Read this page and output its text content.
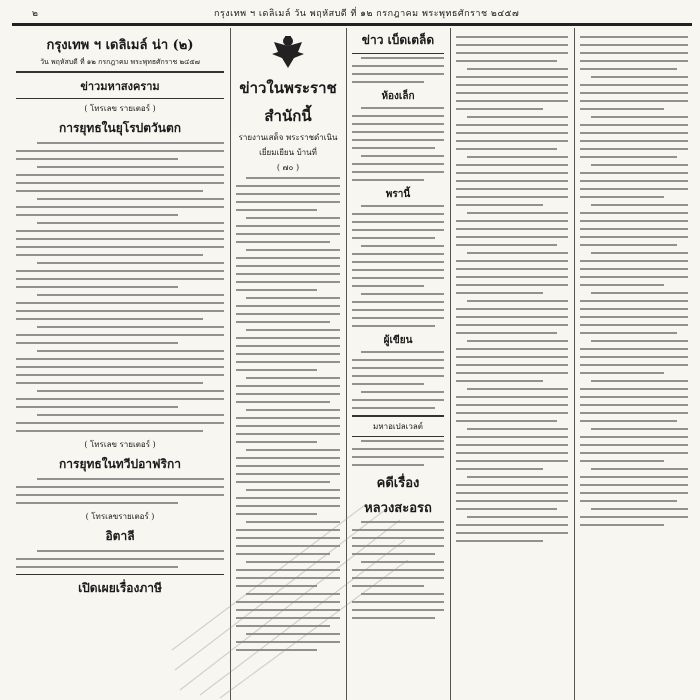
๒	กรุงเทพ ฯ เดลิเมล์ วัน พฤหัสบดี ที่ ๑๒ กรกฎาคม พระพุทธศักราช ๒๔๕๗
กรุงเทพ ฯ เดลิเมล์ น่า (๒)
วัน พฤหัสบดี ที่ ๑๒ กรกฎาคม พระพุทธศักราช ๒๔๕๗
ข่าวมหาสงคราม
( โทรเลข รายเตอร์ )
การยุทธในยุโรปตวันตก
( โทรเลข รายเตอร์ )
การยุทธในทวีปอาฟริกา
( โทรเลขรายเตอร์ )
อิตาลี
เปิดเผยเรื่องภาษี
ข่าวในพระราช
สำนักนี้
รายงานเสด็จ พระราชดำเนิน
เยี่ยมเยียน บ้านที่
( ๗๐ )
ข่าว เบ็ดเตล็ด
ห้องเล็ก
พรานี้
ผู้เขียน
มหาอเปลเวลต์
คดีเรื่อง
หลวงสะอรถ
